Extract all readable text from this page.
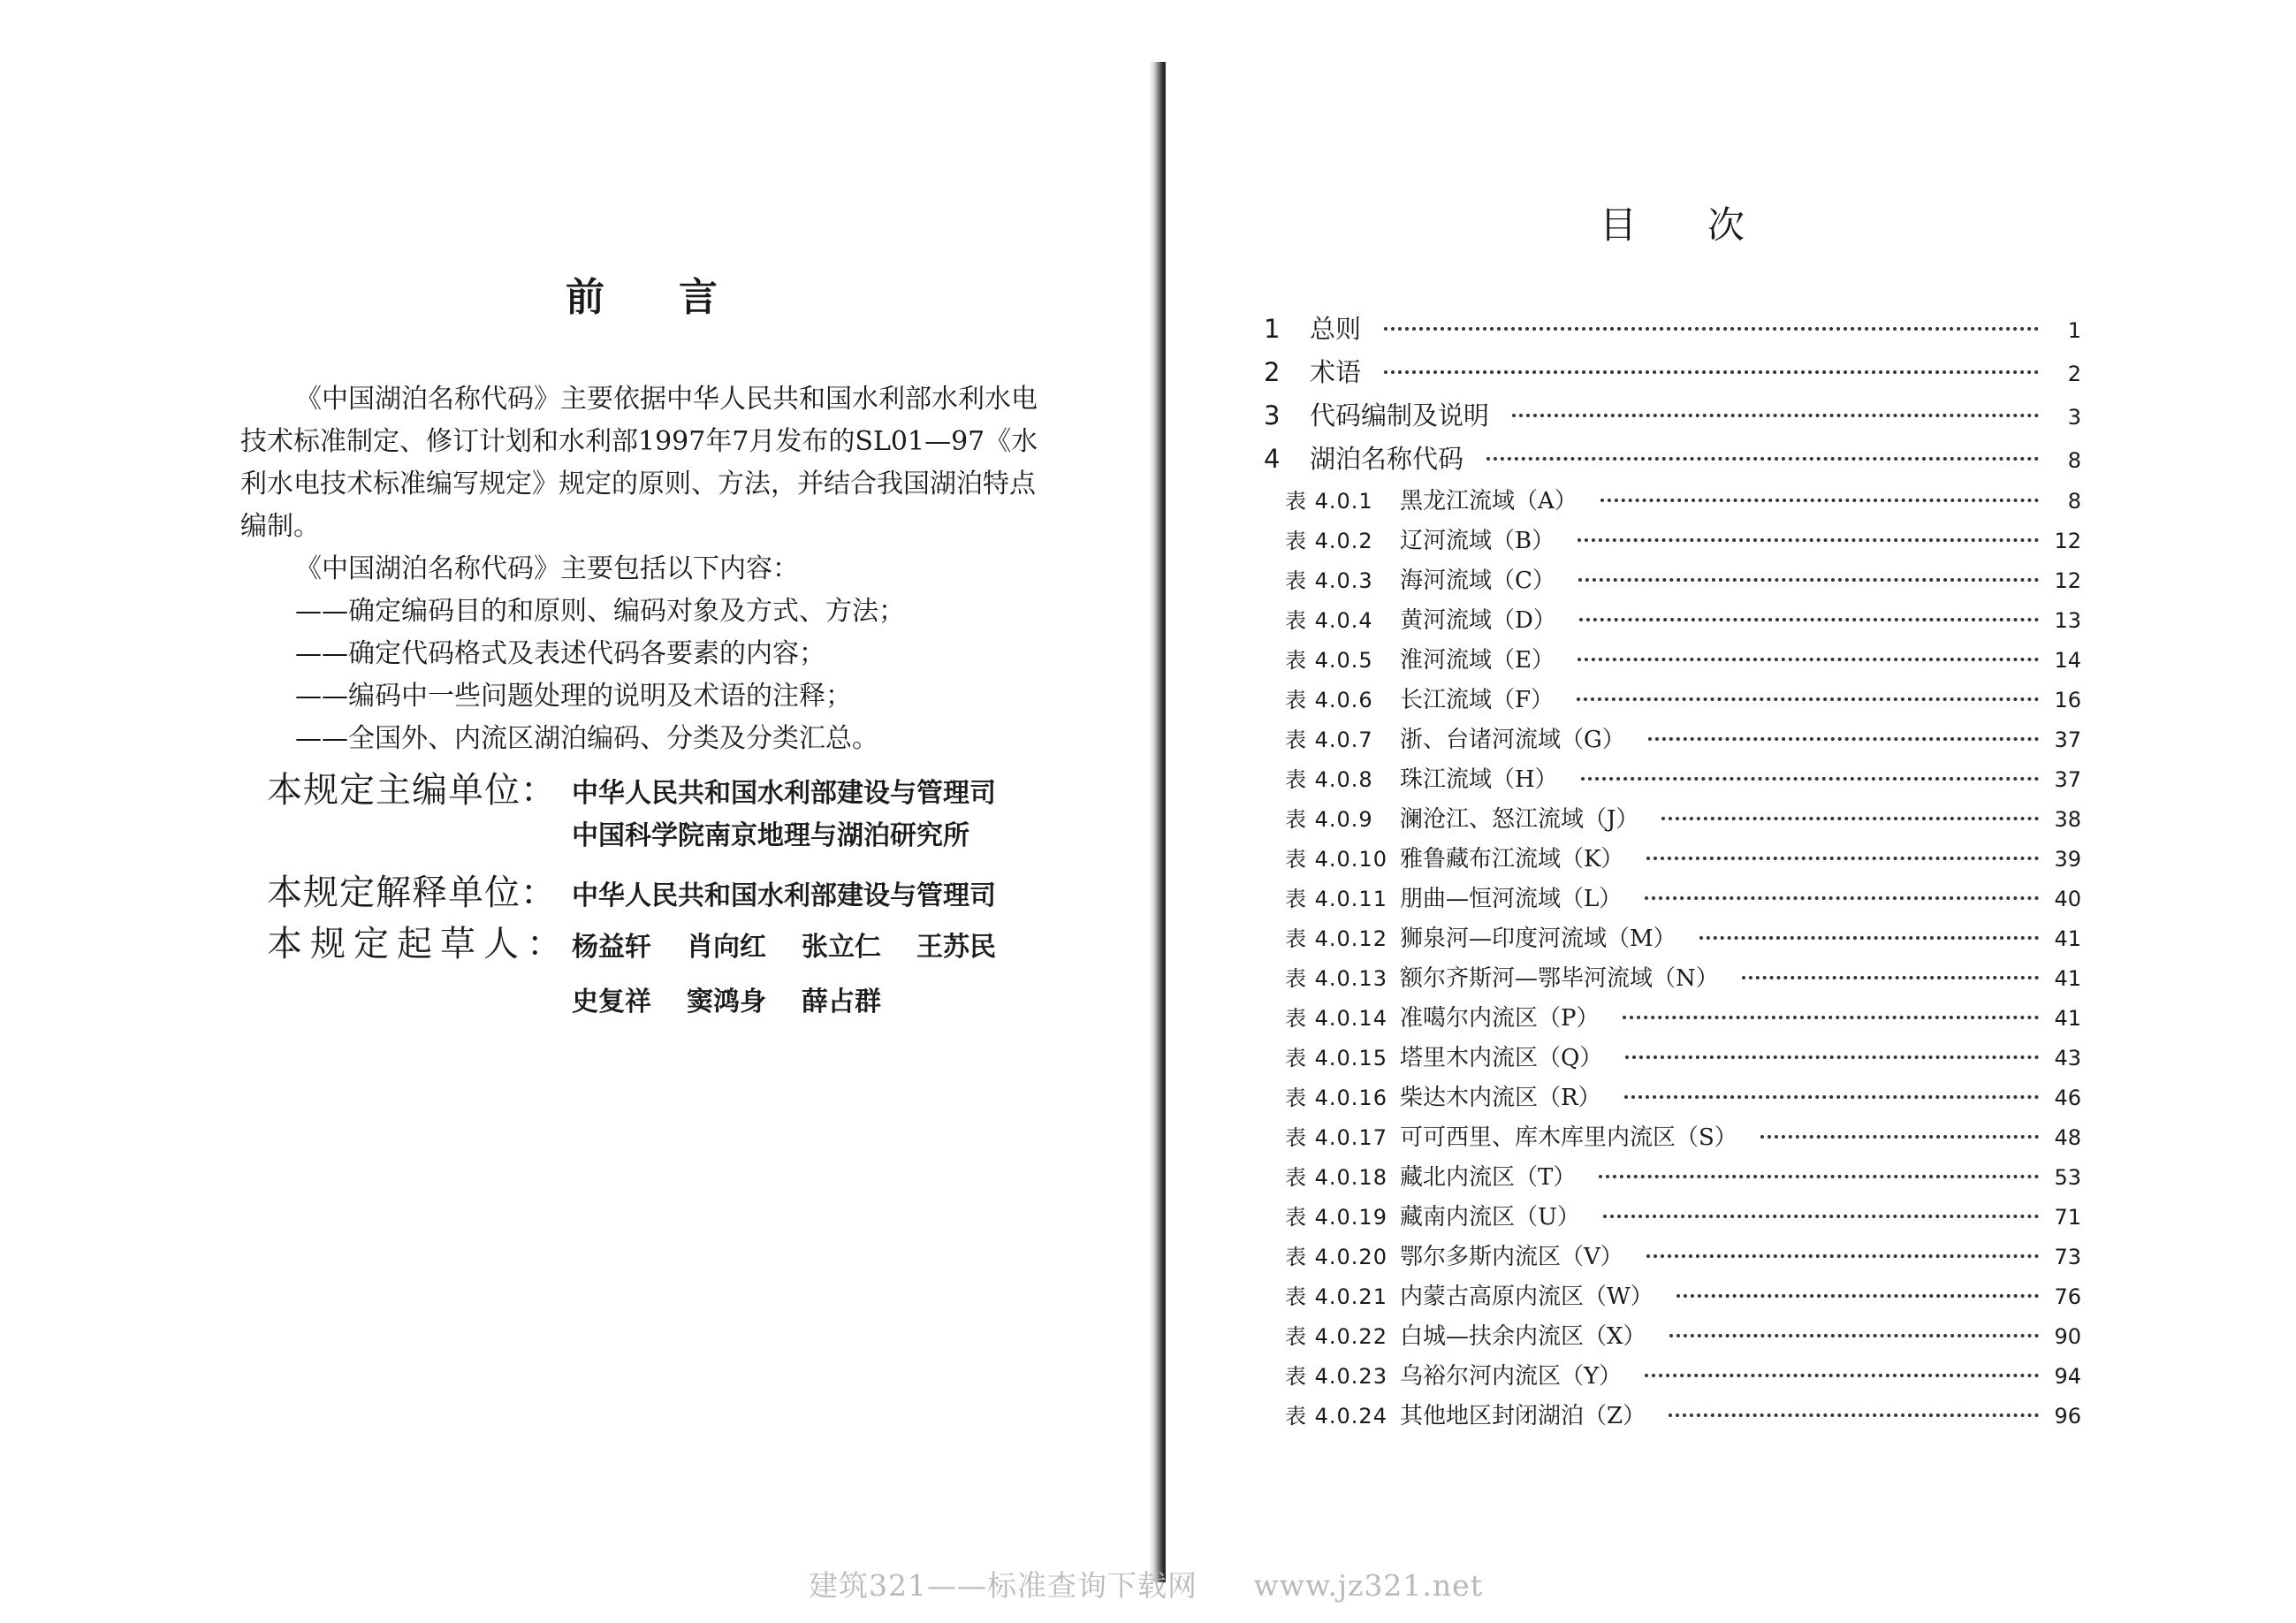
前言

《中国湖泊名称代码》主要依据中华人民共和国水利部水利水电技术标准制定、修订计划和水利部1997年7月发布的SL01—97《水利水电技术标准编写规定》规定的原则、方法，并结合我国湖泊特点编制。

《中国湖泊名称代码》主要包括以下内容：

——确定编码目的和原则、编码对象及方式、方法；

——确定代码格式及表述代码各要素的内容；

——编码中一些问题处理的说明及术语的注释；

——全国外、内流区湖泊编码、分类及分类汇总。

本规定主编单位： 中华人民共和国水利部建设与管理司
中国科学院南京地理与湖泊研究所
本规定解释单位： 中华人民共和国水利部建设与管理司
本规定起草人： 杨益轩	肖向红	张立仁	王苏民
史复祥	窦鸿身	薛占群
目次
1	总则	1
2	术语	2
3	代码编制及说明	3
4	湖泊名称代码	8
表 4.0.1	黑龙江流域（A）	8
表 4.0.2	辽河流域（B）	12
表 4.0.3	海河流域（C）	12
表 4.0.4	黄河流域（D）	13
表 4.0.5	淮河流域（E）	14
表 4.0.6	长江流域（F）	16
表 4.0.7	浙、台诸河流域（G）	37
表 4.0.8	珠江流域（H）	37
表 4.0.9	澜沧江、怒江流域（J）	38
表 4.0.10 雅鲁藏布江流域（K）	39
表 4.0.11 朋曲—恒河流域（L）	40
表 4.0.12 狮泉河—印度河流域（M）	41
表 4.0.13 额尔齐斯河—鄂毕河流域（N）	41
表 4.0.14 准噶尔内流区（P）	41
表 4.0.15 塔里木内流区（Q）	43
表 4.0.16 柴达木内流区（R）	46
表 4.0.17 可可西里、库木库里内流区（S）	48
表 4.0.18 藏北内流区（T）	53
表 4.0.19 藏南内流区（U）	71
表 4.0.20 鄂尔多斯内流区（V）	73
表 4.0.21 内蒙古高原内流区（W）	76
表 4.0.22 白城—扶余内流区（X）	90
表 4.0.23 乌裕尔河内流区（Y）	94
表 4.0.24 其他地区封闭湖泊（Z）	96
建筑321——标准查询下载网 www.jz321.net
